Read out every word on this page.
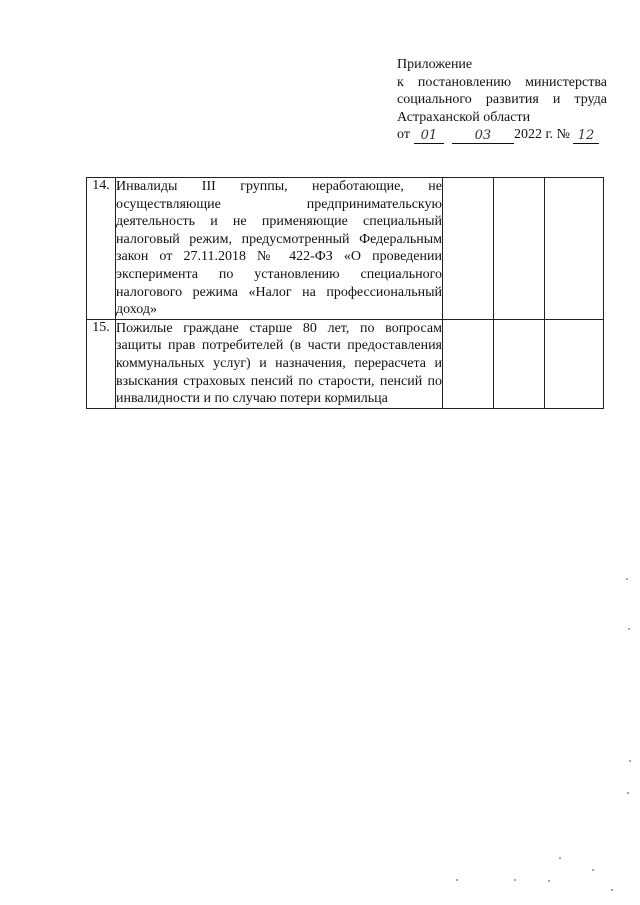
Приложение
к постановлению министерства
социального развития и труда
Астраханской области
от 01	03	2022 г. № 12
14.	Инвалиды III группы, неработающие, не осуществляющие предпринимательскую деятельность и не применяющие специальный налоговый режим, предусмотренный Федеральным закон от 27.11.2018 № 422-ФЗ «О проведении эксперимента по установлению специального налогового режима «Налог на профессиональный доход»			
15.	Пожилые граждане старше 80 лет, по вопросам защиты прав потребителей (в части предоставления коммунальных услуг) и назначения, перерасчета и взыскания страховых пенсий по старости, пенсий по инвалидности и по случаю потери кормильца			
